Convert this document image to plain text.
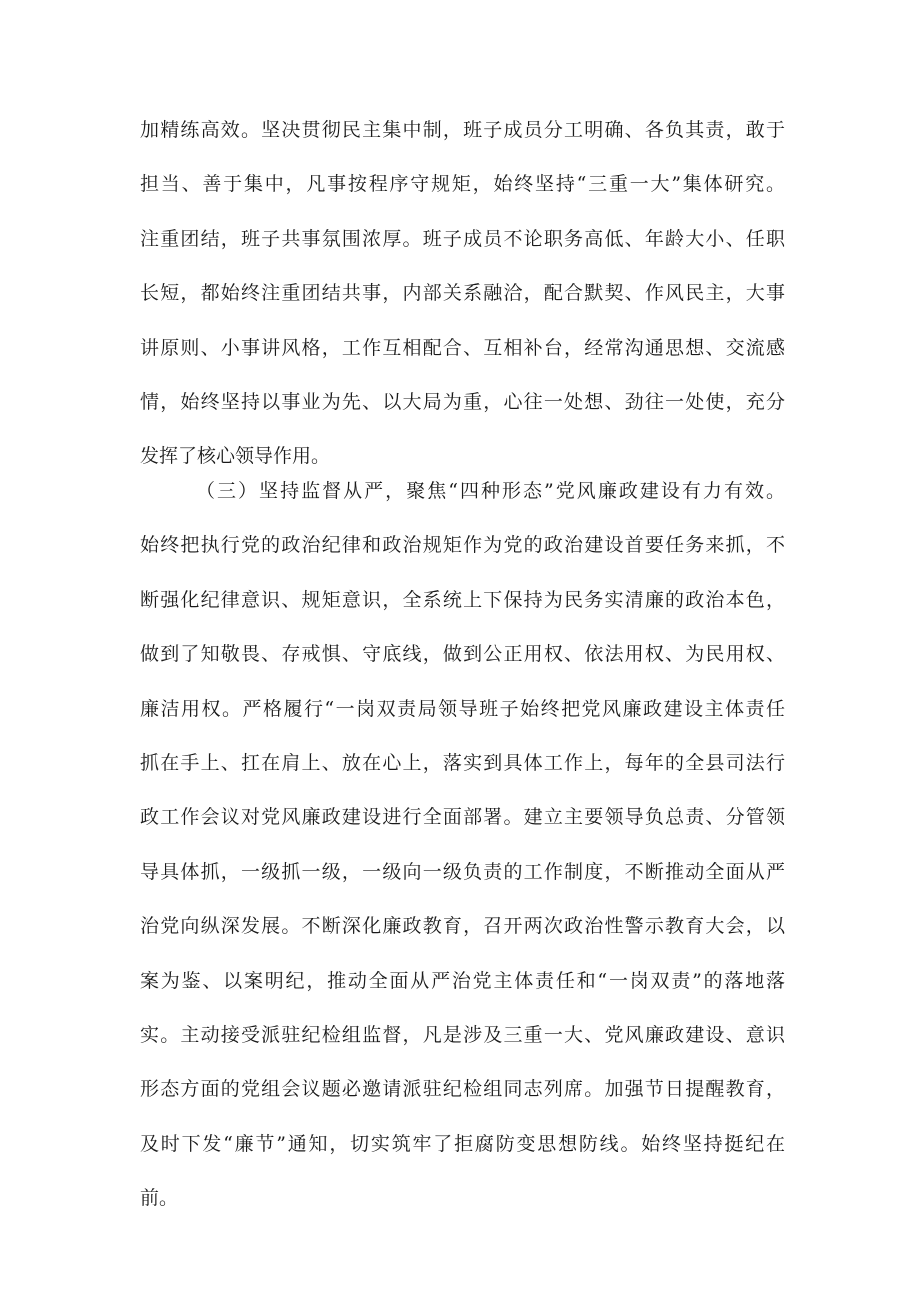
加精练高效。坚决贯彻民主集中制，班子成员分工明确、各负其责，敢于
担当、善于集中，凡事按程序守规矩，始终坚持“三重一大”集体研究。
注重团结，班子共事氛围浓厚。班子成员不论职务高低、年龄大小、任职
长短，都始终注重团结共事，内部关系融洽，配合默契、作风民主，大事
讲原则、小事讲风格，工作互相配合、互相补台，经常沟通思想、交流感
情，始终坚持以事业为先、以大局为重，心往一处想、劲往一处使，充分
发挥了核心领导作用。
（三）坚持监督从严，聚焦“四种形态”党风廉政建设有力有效。
始终把执行党的政治纪律和政治规矩作为党的政治建设首要任务来抓，不
断强化纪律意识、规矩意识，全系统上下保持为民务实清廉的政治本色，
做到了知敬畏、存戒惧、守底线，做到公正用权、依法用权、为民用权、
廉洁用权。严格履行“一岗双责局领导班子始终把党风廉政建设主体责任
抓在手上、扛在肩上、放在心上，落实到具体工作上，每年的全县司法行
政工作会议对党风廉政建设进行全面部署。建立主要领导负总责、分管领
导具体抓，一级抓一级，一级向一级负责的工作制度，不断推动全面从严
治党向纵深发展。不断深化廉政教育，召开两次政治性警示教育大会，以
案为鉴、以案明纪，推动全面从严治党主体责任和“一岗双责”的落地落
实。主动接受派驻纪检组监督，凡是涉及三重一大、党风廉政建设、意识
形态方面的党组会议题必邀请派驻纪检组同志列席。加强节日提醒教育，
及时下发“廉节”通知，切实筑牢了拒腐防变思想防线。始终坚持挺纪在
前。
